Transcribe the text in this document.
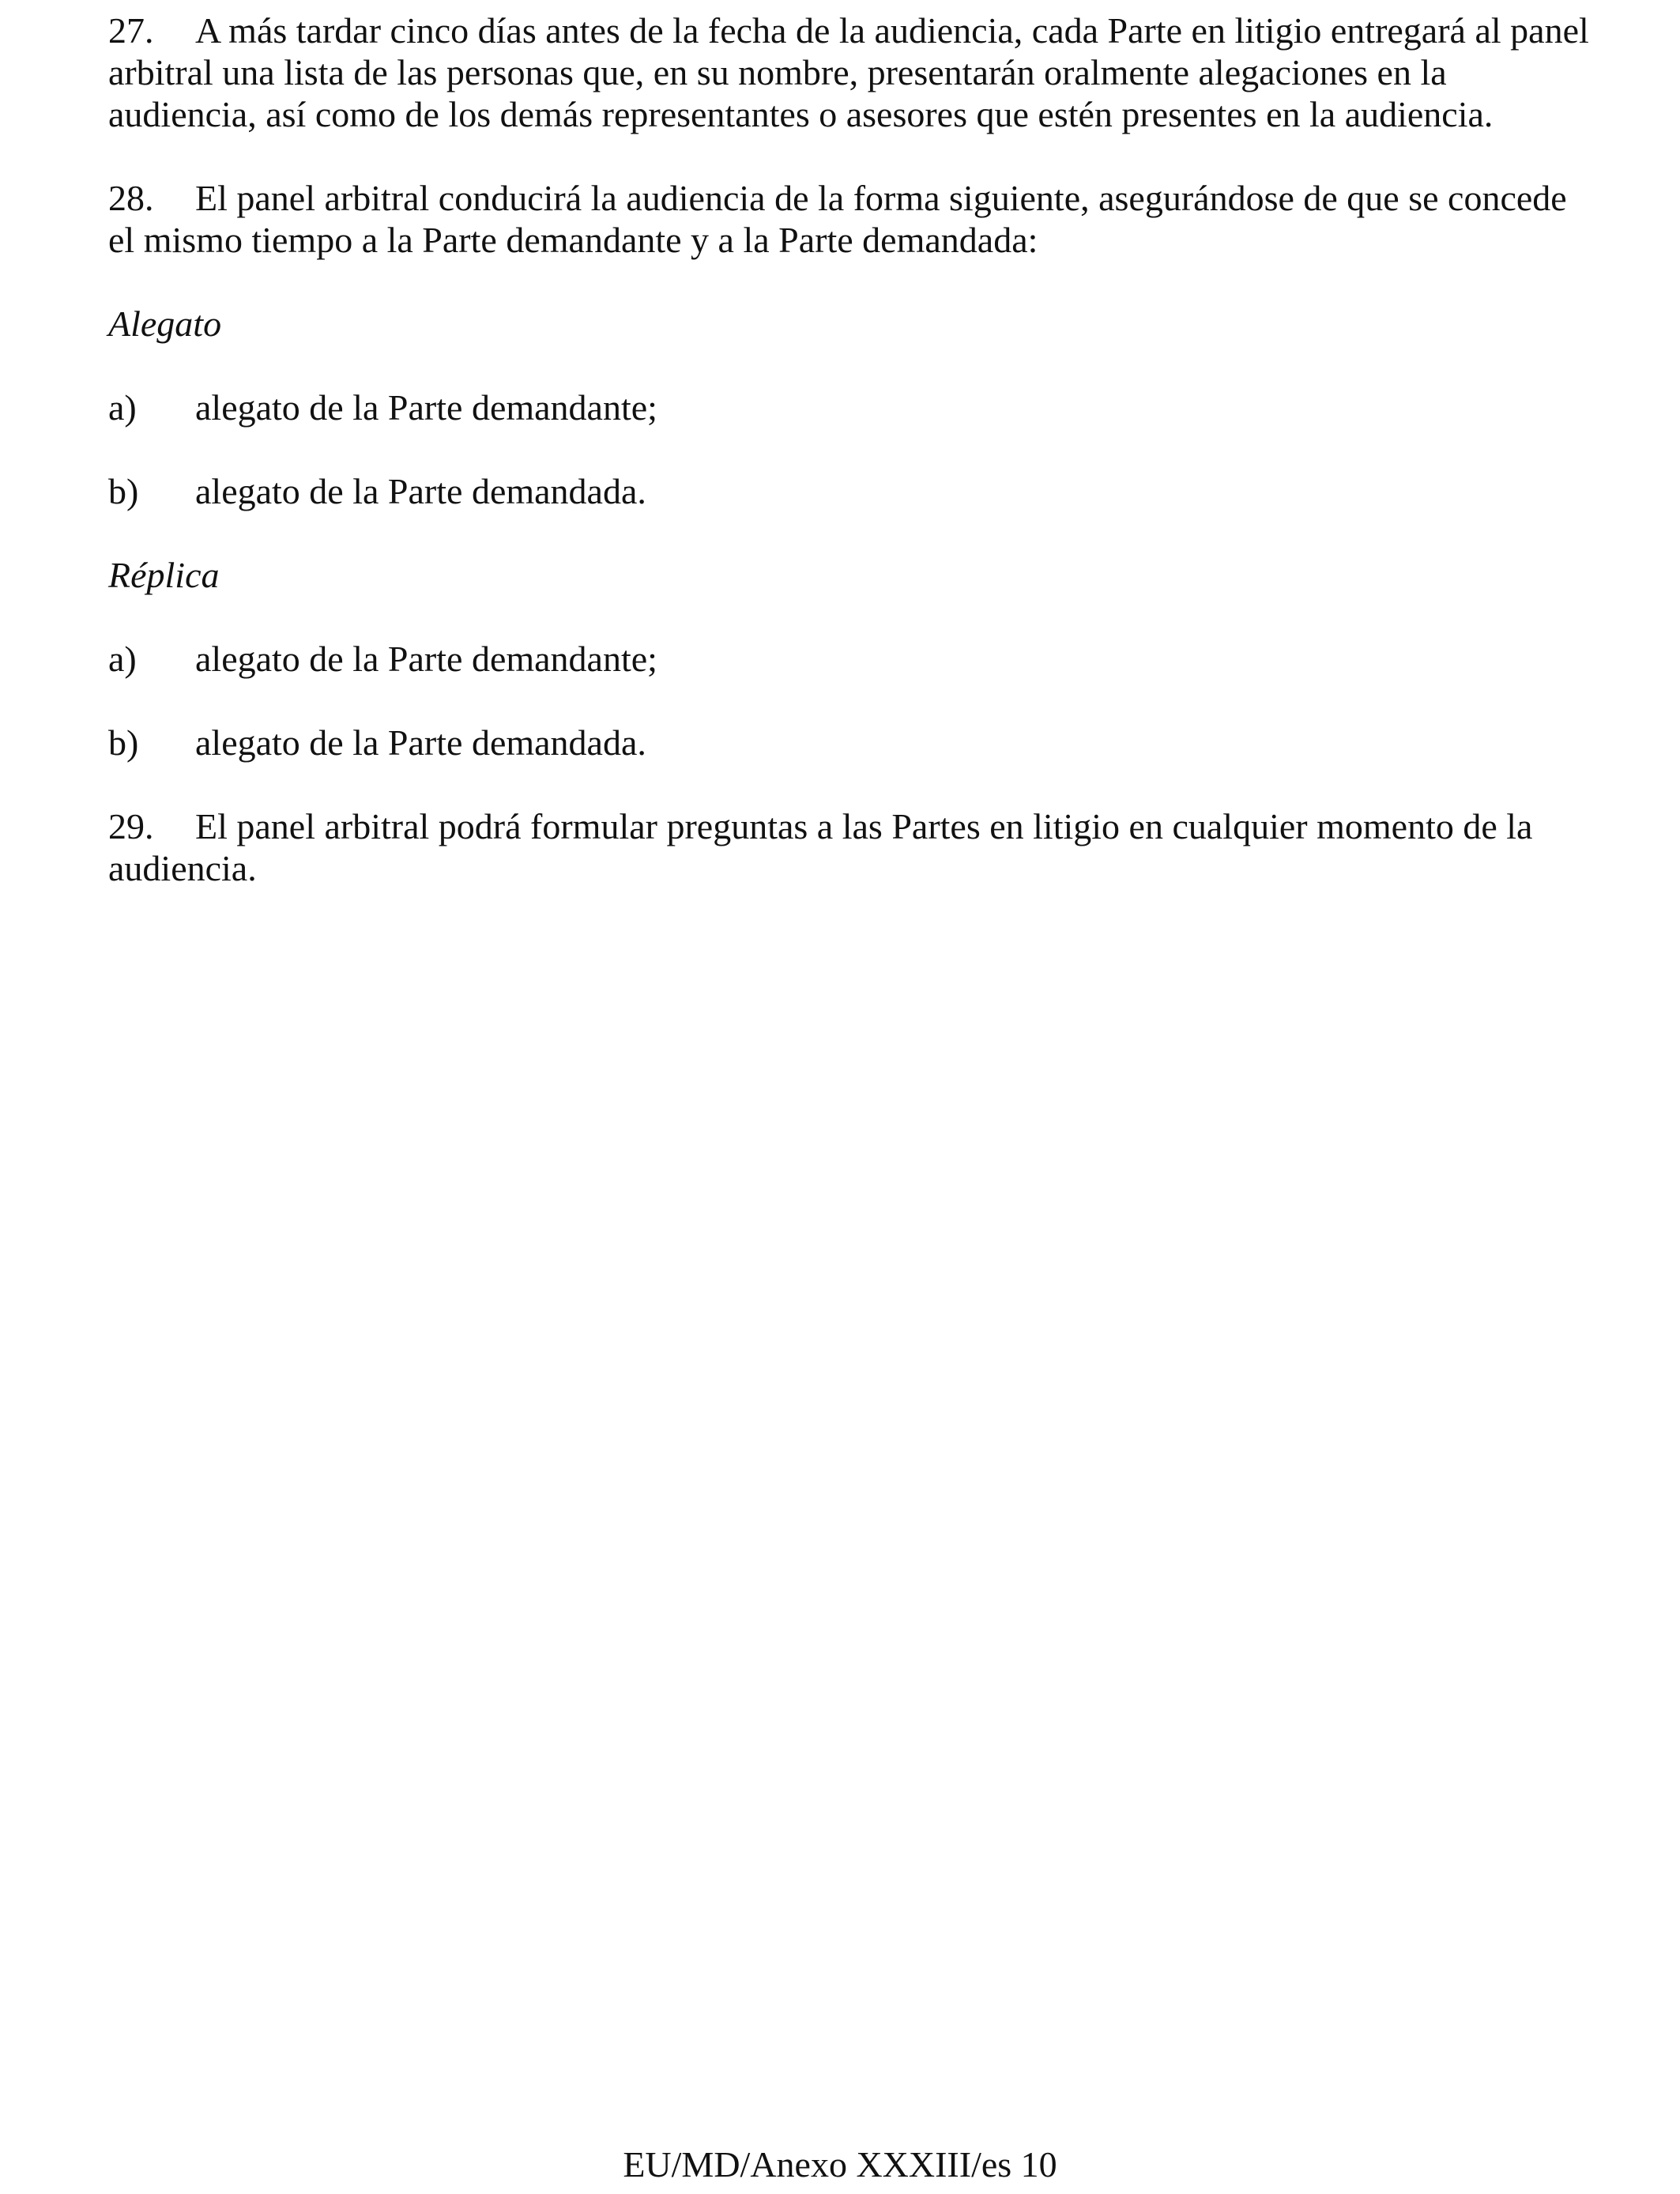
27. A más tardar cinco días antes de la fecha de la audiencia, cada Parte en litigio entregará al panel arbitral una lista de las personas que, en su nombre, presentarán oralmente alegaciones en la audiencia, así como de los demás representantes o asesores que estén presentes en la audiencia.

28. El panel arbitral conducirá la audiencia de la forma siguiente, asegurándose de que se concede el mismo tiempo a la Parte demandante y a la Parte demandada:

Alegato

a)	alegato de la Parte demandante;
b)	alegato de la Parte demandada.

Réplica

a)	alegato de la Parte demandante;
b)	alegato de la Parte demandada.

29. El panel arbitral podrá formular preguntas a las Partes en litigio en cualquier momento de la audiencia.

EU/MD/Anexo XXXIII/es 10
